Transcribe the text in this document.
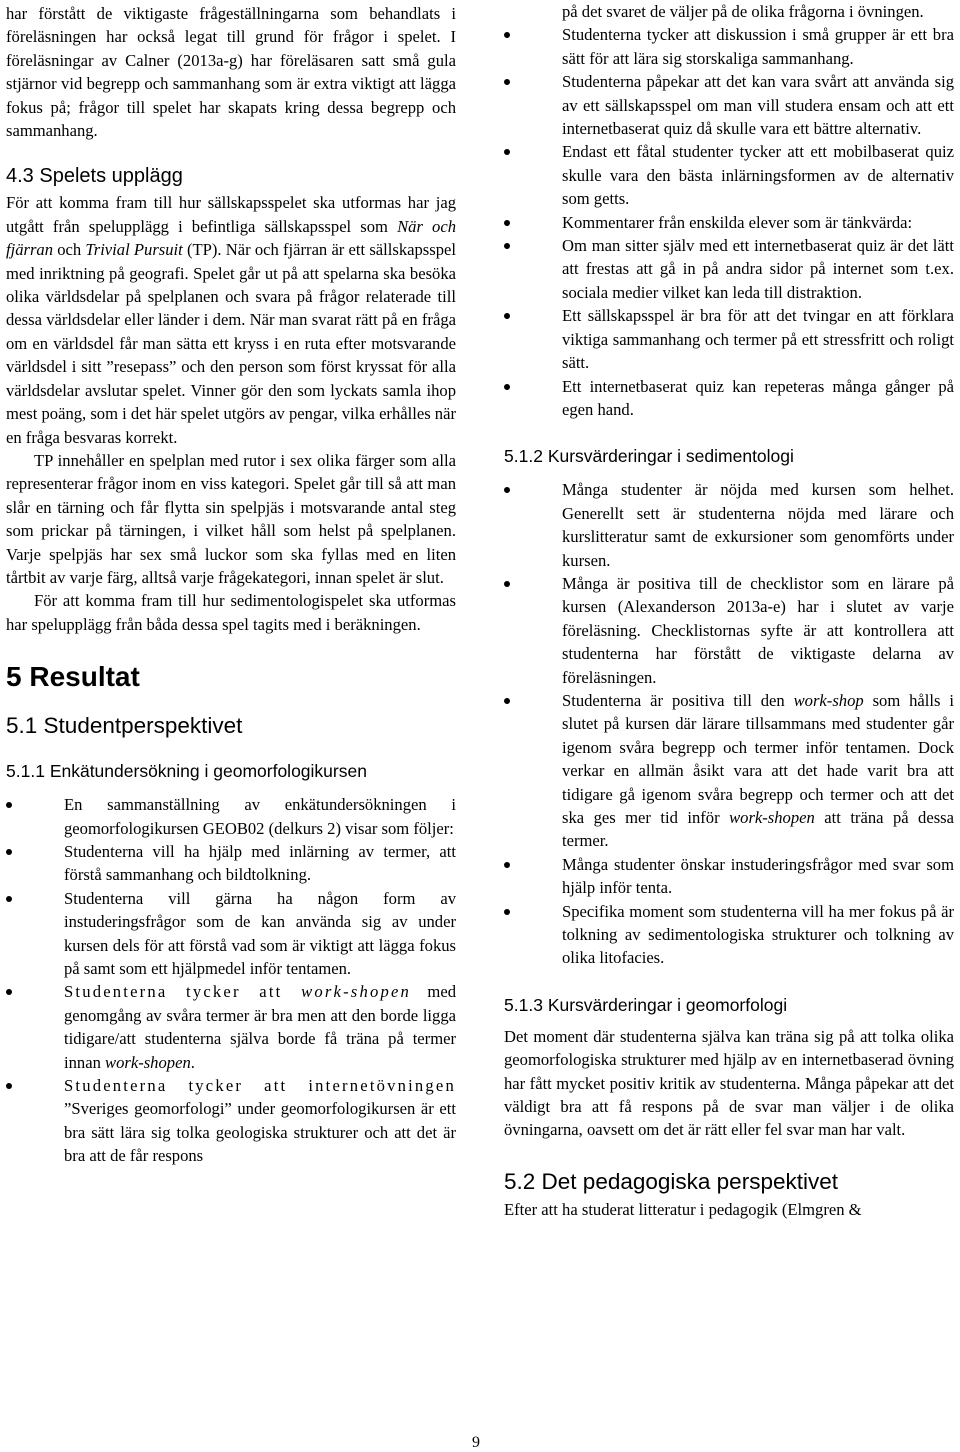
har förstått de viktigaste frågeställningarna som behandlats i föreläsningen har också legat till grund för frågor i spelet. I föreläsningar av Calner (2013a-g) har föreläsaren satt små gula stjärnor vid begrepp och sammanhang som är extra viktigt att lägga fokus på; frågor till spelet har skapats kring dessa begrepp och sammanhang.

4.3 Spelets upplägg

För att komma fram till hur sällskapsspelet ska utformas har jag utgått från spelupplägg i befintliga sällskapsspel som När och fjärran och Trivial Pursuit (TP). När och fjärran är ett sällskapsspel med inriktning på geografi. Spelet går ut på att spelarna ska besöka olika världsdelar på spelplanen och svara på frågor relaterade till dessa världsdelar eller länder i dem. När man svarat rätt på en fråga om en världsdel får man sätta ett kryss i en ruta efter motsvarande världsdel i sitt ”resepass” och den person som först kryssat för alla världsdelar avslutar spelet. Vinner gör den som lyckats samla ihop mest poäng, som i det här spelet utgörs av pengar, vilka erhålles när en fråga besvaras korrekt.

TP innehåller en spelplan med rutor i sex olika färger som alla representerar frågor inom en viss kategori. Spelet går till så att man slår en tärning och får flytta sin spelpjäs i motsvarande antal steg som prickar på tärningen, i vilket håll som helst på spelplanen. Varje spelpjäs har sex små luckor som ska fyllas med en liten tårtbit av varje färg, alltså varje frågekategori, innan spelet är slut.

För att komma fram till hur sedimentologispelet ska utformas har spelupplägg från båda dessa spel tagits med i beräkningen.

5 Resultat
5.1 Studentperspektivet
5.1.1 Enkätundersökning i geomorfologikursen
En sammanställning av enkätundersökningen i geomorfologikursen GEOB02 (delkurs 2) visar som följer:
Studenterna vill ha hjälp med inlärning av termer, att förstå sammanhang och bildtolkning.
Studenterna vill gärna ha någon form av instuderingsfrågor som de kan använda sig av under kursen dels för att förstå vad som är viktigt att lägga fokus på samt som ett hjälpmedel inför tentamen.
Studenterna tycker att work-shopen med genomgång av svåra termer är bra men att den borde ligga tidigare/att studenterna själva borde få träna på termer innan work-shopen.
Studenterna tycker att internetövningen ”Sveriges geomorfologi” under geomorfologikursen är ett bra sätt lära sig tolka geologiska strukturer och att det är bra att de får respons

på det svaret de väljer på de olika frågorna i övningen.

Studenterna tycker att diskussion i små grupper är ett bra sätt för att lära sig storskaliga sammanhang.
Studenterna påpekar att det kan vara svårt att använda sig av ett sällskapsspel om man vill studera ensam och att ett internetbaserat quiz då skulle vara ett bättre alternativ.
Endast ett fåtal studenter tycker att ett mobilbaserat quiz skulle vara den bästa inlärningsformen av de alternativ som getts.
Kommentarer från enskilda elever som är tänkvärda:
Om man sitter själv med ett internetbaserat quiz är det lätt att frestas att gå in på andra sidor på internet som t.ex. sociala medier vilket kan leda till distraktion.
Ett sällskapsspel är bra för att det tvingar en att förklara viktiga sammanhang och termer på ett stressfritt och roligt sätt.
Ett internetbaserat quiz kan repeteras många gånger på egen hand.
5.1.2 Kursvärderingar i sedimentologi
Många studenter är nöjda med kursen som helhet. Generellt sett är studenterna nöjda med lärare och kurslitteratur samt de exkursioner som genomförts under kursen.
Många är positiva till de checklistor som en lärare på kursen (Alexanderson 2013a-e) har i slutet av varje föreläsning. Checklistornas syfte är att kontrollera att studenterna har förstått de viktigaste delarna av föreläsningen.
Studenterna är positiva till den work-shop som hålls i slutet på kursen där lärare tillsammans med studenter går igenom svåra begrepp och termer inför tentamen. Dock verkar en allmän åsikt vara att det hade varit bra att tidigare gå igenom svåra begrepp och termer och att det ska ges mer tid inför work-shopen att träna på dessa termer.
Många studenter önskar instuderingsfrågor med svar som hjälp inför tenta.
Specifika moment som studenterna vill ha mer fokus på är tolkning av sedimentologiska strukturer och tolkning av olika litofacies.
5.1.3 Kursvärderingar i geomorfologi

Det moment där studenterna själva kan träna sig på att tolka olika geomorfologiska strukturer med hjälp av en internetbaserad övning har fått mycket positiv kritik av studenterna. Många påpekar att det väldigt bra att få respons på de svar man väljer i de olika övningarna, oavsett om det är rätt eller fel svar man har valt.

5.2 Det pedagogiska perspektivet

Efter att ha studerat litteratur i pedagogik (Elmgren &

9
